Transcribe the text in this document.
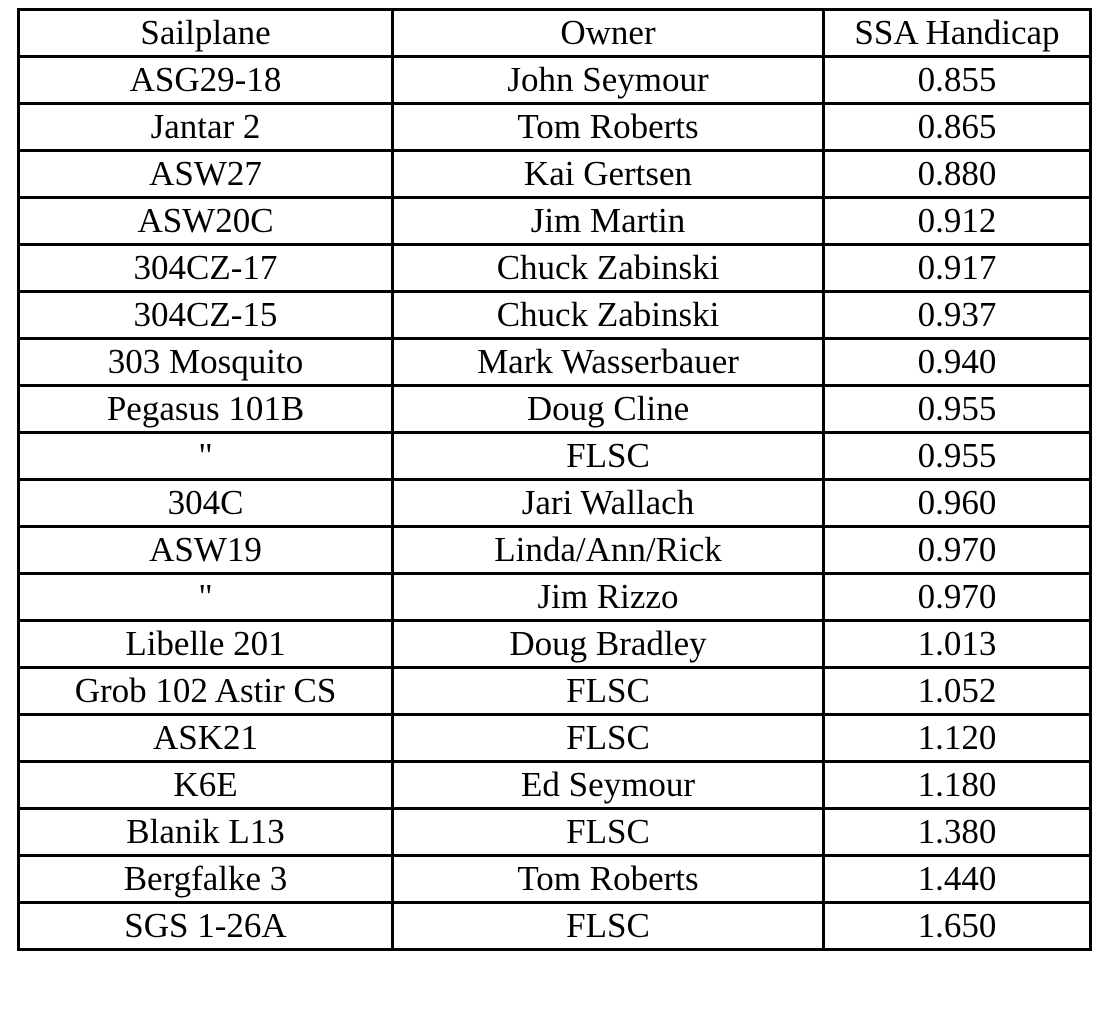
Sailplane	Owner	SSA Handicap
ASG29-18	John Seymour	0.855
Jantar 2	Tom Roberts	0.865
ASW27	Kai Gertsen	0.880
ASW20C	Jim Martin	0.912
304CZ-17	Chuck Zabinski	0.917
304CZ-15	Chuck Zabinski	0.937
303 Mosquito	Mark Wasserbauer	0.940
Pegasus 101B	Doug Cline	0.955
"	FLSC	0.955
304C	Jari Wallach	0.960
ASW19	Linda/Ann/Rick	0.970
"	Jim Rizzo	0.970
Libelle 201	Doug Bradley	1.013
Grob 102 Astir CS	FLSC	1.052
ASK21	FLSC	1.120
K6E	Ed Seymour	1.180
Blanik L13	FLSC	1.380
Bergfalke 3	Tom Roberts	1.440
SGS 1-26A	FLSC	1.650
